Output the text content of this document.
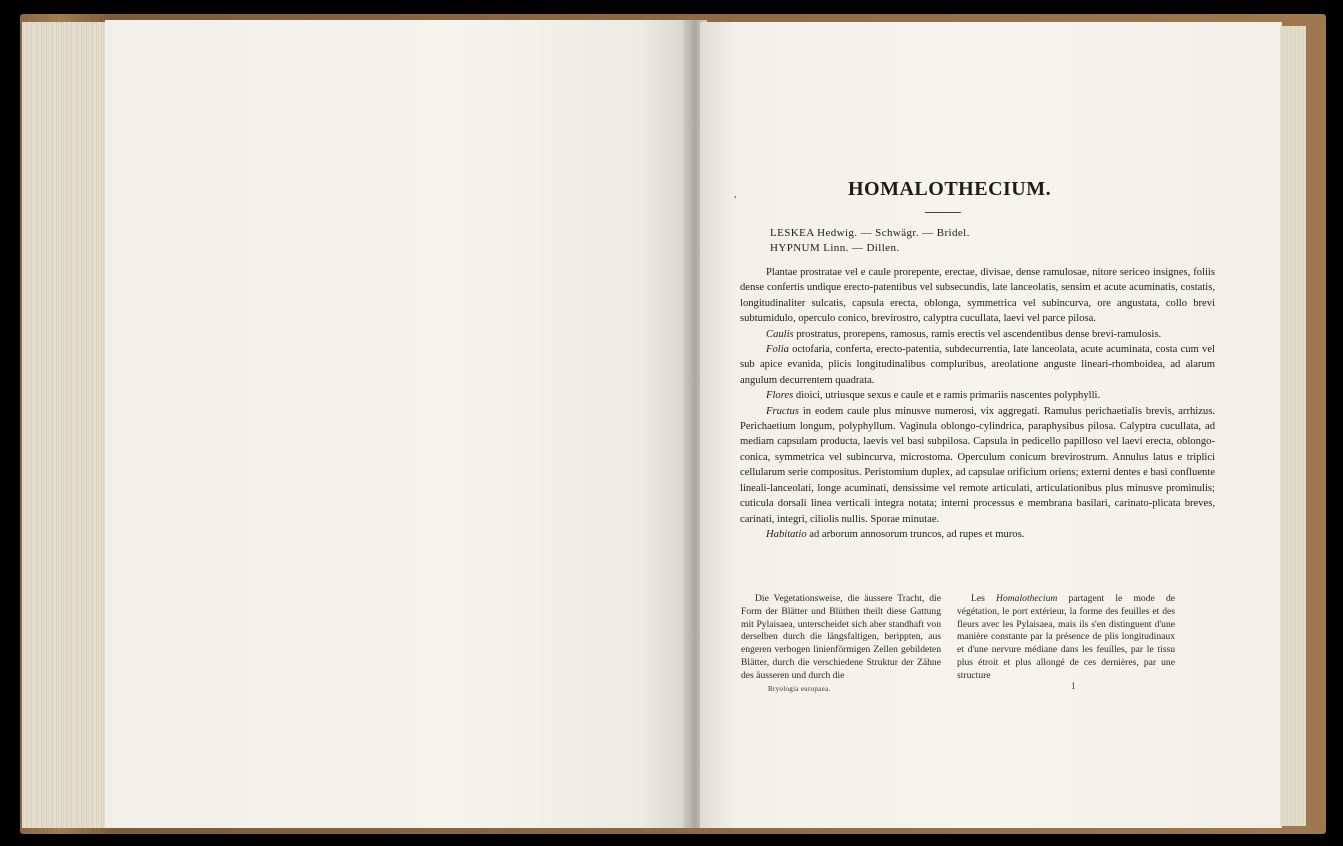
,	HOMALOTHECIUM.
LESKEA Hedwig. — Schwägr. — Bridel.
HYPNUM Linn. — Dillen.

Plantae prostratae vel e caule prorepente, erectae, divisae, dense ramulosae, nitore sericeo insignes, foliis dense confertis undique erecto-patentibus vel subsecundis, late lanceolatis, sensim et acute acuminatis, costatis, longitudinaliter sulcatis, capsula erecta, oblonga, symmetrica vel subincurva, ore angustata, collo brevi subtumidulo, operculo conico, brevirostro, calyptra cucullata, laevi vel parce pilosa.

Caulis prostratus, prorepens, ramosus, ramis erectis vel ascendentibus dense brevi-ramulosis.

Folia octofaria, conferta, erecto-patentia, subdecurrentia, late lanceolata, acute acuminata, costa cum vel sub apice evanida, plicis longitudinalibus compluribus, areolatione anguste lineari-rhomboidea, ad alarum angulum decurrentem quadrata.

Flores dioici, utriusque sexus e caule et e ramis primariis nascentes polyphylli.

Fructus in eodem caule plus minusve numerosi, vix aggregati. Ramulus perichaetialis brevis, arrhizus. Perichaetium longum, polyphyllum. Vaginula oblongo-cylindrica, paraphysibus pilosa. Calyptra cucullata, ad mediam capsulam producta, laevis vel basi subpilosa. Capsula in pedicello papilloso vel laevi erecta, oblongo-conica, symmetrica vel subincurva, microstoma. Operculum conicum brevirostrum. Annulus latus e triplici cellularum serie compositus. Peristomium duplex, ad capsulae orificium oriens; externi dentes e basi confluente lineali-lanceolati, longe acuminati, densissime vel remote articulati, articulationibus plus minusve prominulis; cuticula dorsali linea verticali integra notata; interni processus e membrana basilari, carinato-plicata breves, carinati, integri, ciliolis nullis. Sporae minutae.

Habitatio ad arborum annosorum truncos, ad rupes et muros.

Die Vegetationsweise, die äussere Tracht, die Form der Blätter und Blüthen theilt diese Gattung mit Pylaisaea, unterscheidet sich aber standhaft von derselben durch die längsfaltigen, berippten, aus engeren verbogen linienförmigen Zellen gebildeten Blätter, durch die verschiedene Struktur der Zähne des äusseren und durch die

Les Homalothecium partagent le mode de végétation, le port extérieur, la forme des feuilles et des fleurs avec les Pylaisaea, mais ils s'en distinguent d'une manière constante par la présence de plis longitudinaux et d'une nervure médiane dans les feuilles, par le tissu plus étroit et plus allongé de ces dernières, par une structure

Bryologia europaea.	1
